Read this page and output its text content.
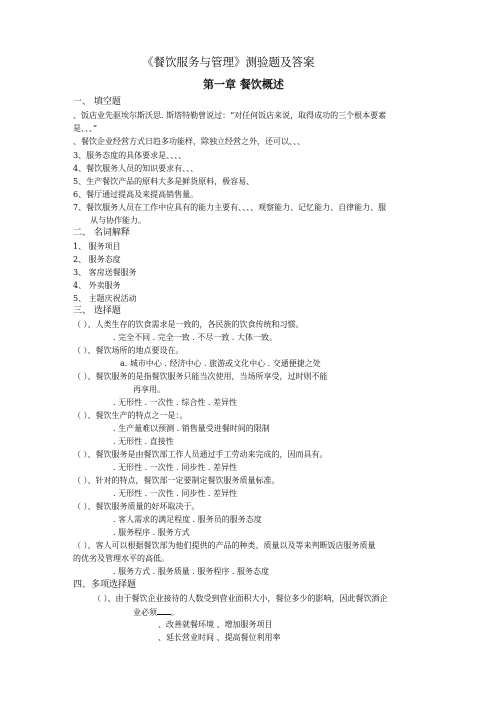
《餐饮服务与管理》测验题及答案
第一章 餐饮概述
一、 填空题
、饭店业先驱埃尔斯沃思. 斯塔特勒曾说过：“对任何饭店来说，取得成功的三个根本要素
是、、、”
、餐饮企业经营方式日趋多功能样，除独立经营之外，还可以、、、
3、服务态度的具体要求是、、、、
4、餐饮服务人员的知识要求有、、、
5、生产餐饮产品的原料大多是鲜货原料，极容易、
6、餐厅通过提高及来提高销售量。
7、餐饮服务人员在工作中应具有的能力主要有、、、、观察能力、记忆能力、自律能力、服
从与协作能力。
二、 名词解释
1、 服务项目
2、 服务态度
3、 客房送餐服务
4、 外卖服务
5、 主题庆祝活动
三、 选择题
（ ）、人类生存的饮食需求是一致的，各民族的饮食传统和习惯。
. 完全不同 . 完全一致 . 不尽一致 . 大体一致。
（ ）、餐饮场所的地点要设在。
a. 城市中心 . 经济中心 . 旅游或文化中心 . 交通便捷之处
（ ）、餐饮服务的是指餐饮服务只能当次使用，当场所享受，过时则不能
再享用。
. 无形性 . 一次性 . 综合性 . 差异性
（ ）、餐饮生产的特点之一是：。
. 生产量难以预测 . 销售量受进餐时间的限制
. 无形性 . 直接性
（ ）、餐饮服务是由餐饮部工作人员通过手工劳动来完成的，因而具有。
. 无形性 . 一次性 . 同步性 . 差异性
（ ）、针对的特点，餐饮部一定要制定餐饮服务质量标准。
. 无形性 . 一次性 . 同步性 . 差异性
（ ）、餐饮服务质量的好坏取决于。
. 客人需求的满足程度 . 服务员的服务态度
. 服务程序 . 服务方式
（ ）、客人可以根据餐饮部为他们提供的产品的种类、质量以及等来判断饭店服务质量
的优劣及管理水平的高低。
. 服务方式 . 服务质量 . 服务程序 . 服务态度
四、多项选择题
（ ）、由于餐饮企业接待的人数受到营业面积大小，餐位多少的影响，因此餐饮酒企
业必须 。
、改善就餐环境 、增加服务项目
、延长营业时间 、提高餐位利用率
